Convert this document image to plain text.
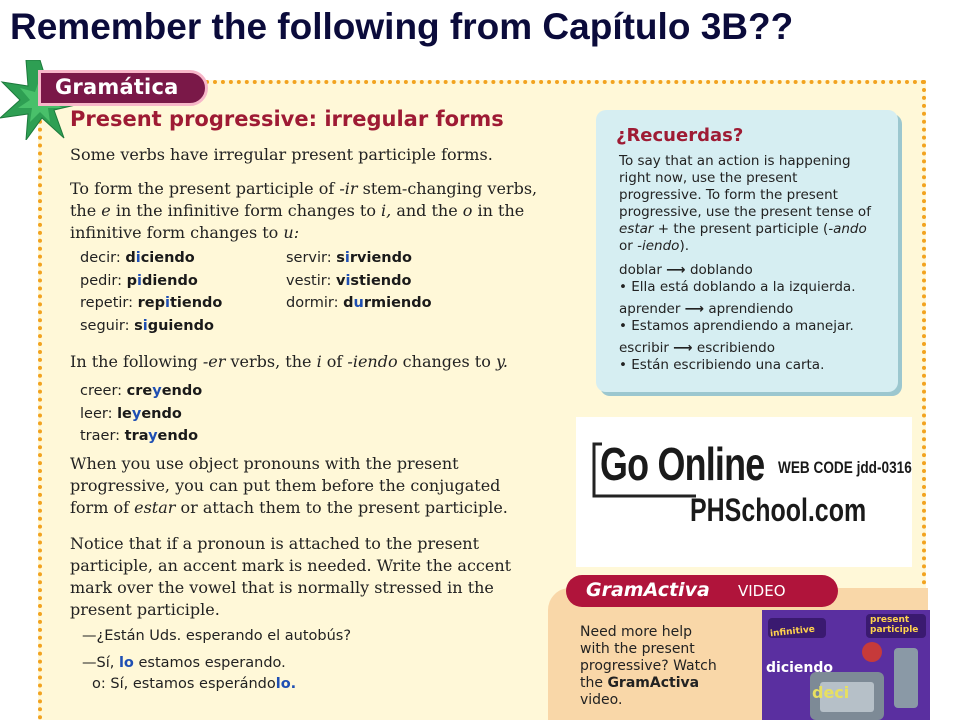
Remember the following from Capítulo 3B??
Gramática
Present progressive: irregular forms
Some verbs have irregular present participle forms.
To form the present participle of -ir stem-changing verbs,
the e in the infinitive form changes to i, and the o in the
infinitive form changes to u:
decir: diciendo
pedir: pidiendo
repetir: repitiendo
seguir: siguiendo
servir: sirviendo
vestir: vistiendo
dormir: durmiendo
In the following -er verbs, the i of -iendo changes to y.
creer: creyendo
leer: leyendo
traer: trayendo
When you use object pronouns with the present
progressive, you can put them before the conjugated
form of estar or attach them to the present participle.
Notice that if a pronoun is attached to the present
participle, an accent mark is needed. Write the accent
mark over the vowel that is normally stressed in the
present participle.
—¿Están Uds. esperando el autobús?
—Sí, lo estamos esperando.
o: Sí, estamos esperándolo.
¿Recuerdas?
To say that an action is happening
right now, use the present
progressive. To form the present
progressive, use the present tense of
estar + the present participle (-ando
or -iendo).
doblar ⟶ doblando
• Ella está doblando a la izquierda.
aprender ⟶ aprendiendo
• Estamos aprendiendo a manejar.
escribir ⟶ escribiendo
• Están escribiendo una carta.
Go Online WEB CODE jdd-0316
PHSchool.com
GramActiva VIDEO
Need more help
with the present
progressive? Watch
the GramActiva
video.
infinitive
present participle
diciendo
deci
